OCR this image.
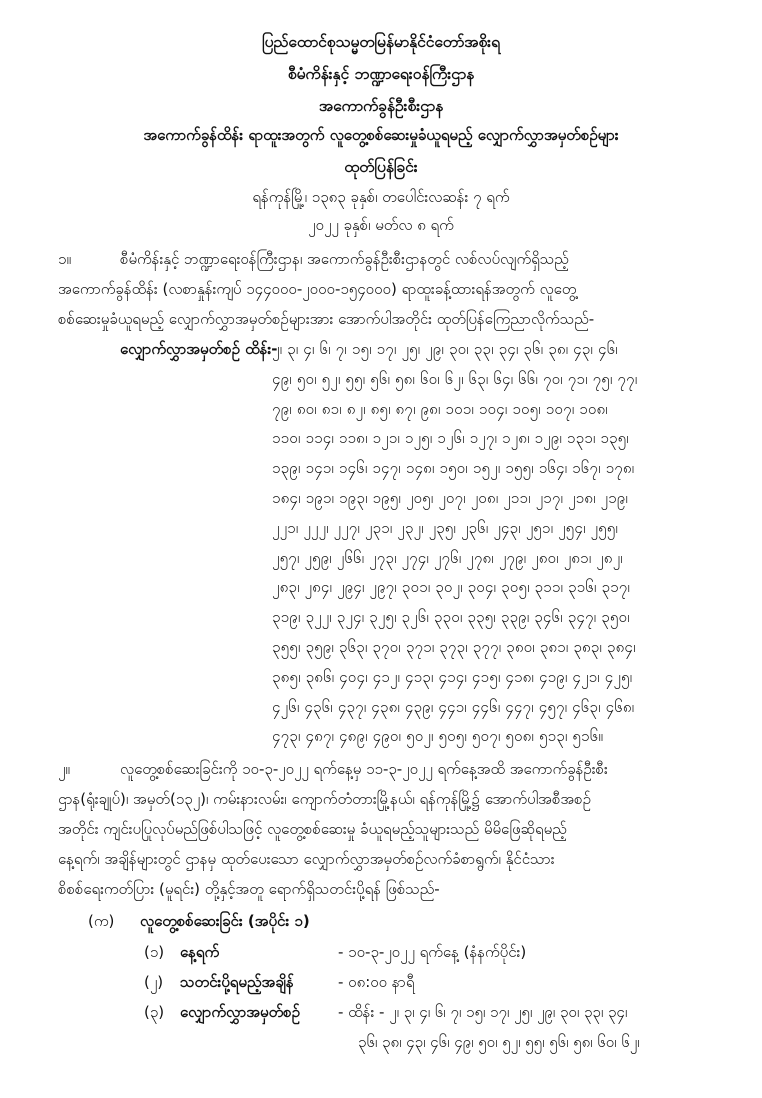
ပြည်ထောင်စုသမ္မတမြန်မာနိုင်ငံတော်အစိုးရ
စီမံကိန်းနှင့် ဘဏ္ဍာရေးဝန်ကြီးဌာန
အကောက်ခွန်ဦးစီးဌာန
အကောက်ခွန်ထိန်း ရာထူးအတွက် လူတွေ့စစ်ဆေးမှုခံယူရမည့် လျှောက်လွှာအမှတ်စဉ်များ
ထုတ်ပြန်ခြင်း
ရန်ကုန်မြို့၊ ၁၃၈၃ ခုနှစ်၊ တပေါင်းလဆန်း ၇ ရက်
၂၀၂၂ ခုနှစ်၊ မတ်လ ၈ ရက်
၁။	စီမံကိန်းနှင့် ဘဏ္ဍာရေးဝန်ကြီးဌာန၊ အကောက်ခွန်ဦးစီးဌာနတွင် လစ်လပ်လျက်ရှိသည့်
အကောက်ခွန်ထိန်း (လစာနှုန်းကျပ် ၁၄၄၀၀၀-၂၀၀၀-၁၅၄၀၀၀) ရာထူးခန့်ထားရန်အတွက် လူတွေ့
စစ်ဆေးမှုခံယူရမည့် လျှောက်လွှာအမှတ်စဉ်များအား အောက်ပါအတိုင်း ထုတ်ပြန်ကြေညာလိုက်သည်-
လျှောက်လွှာအမှတ်စဉ် ထိန်း-
၂၊ ၃၊ ၄၊ ၆၊ ၇၊ ၁၅၊ ၁၇၊ ၂၅၊ ၂၉၊ ၃၀၊ ၃၃၊ ၃၄၊ ၃၆၊ ၃၈၊ ၄၃၊ ၄၆၊
၄၉၊ ၅၀၊ ၅၂၊ ၅၅၊ ၅၆၊ ၅၈၊ ၆၀၊ ၆၂၊ ၆၃၊ ၆၄၊ ၆၆၊ ၇၀၊ ၇၁၊ ၇၅၊ ၇၇၊
၇၉၊ ၈၀၊ ၈၁၊ ၈၂၊ ၈၅၊ ၈၇၊ ၉၈၊ ၁၀၁၊ ၁၀၄၊ ၁၀၅၊ ၁၀၇၊ ၁၀၈၊
၁၁၀၊ ၁၁၄၊ ၁၁၈၊ ၁၂၁၊ ၁၂၅၊ ၁၂၆၊ ၁၂၇၊ ၁၂၈၊ ၁၂၉၊ ၁၃၁၊ ၁၃၅၊
၁၃၉၊ ၁၄၁၊ ၁၄၆၊ ၁၄၇၊ ၁၄၈၊ ၁၅၀၊ ၁၅၂၊ ၁၅၅၊ ၁၆၄၊ ၁၆၇၊ ၁၇၈၊
၁၈၄၊ ၁၉၁၊ ၁၉၃၊ ၁၉၅၊ ၂၀၅၊ ၂၀၇၊ ၂၀၈၊ ၂၁၁၊ ၂၁၇၊ ၂၁၈၊ ၂၁၉၊
၂၂၁၊ ၂၂၂၊ ၂၂၇၊ ၂၃၁၊ ၂၃၂၊ ၂၃၅၊ ၂၃၆၊ ၂၄၃၊ ၂၅၁၊ ၂၅၄၊ ၂၅၅၊
၂၅၇၊ ၂၅၉၊ ၂၆၆၊ ၂၇၃၊ ၂၇၄၊ ၂၇၆၊ ၂၇၈၊ ၂၇၉၊ ၂၈၀၊ ၂၈၁၊ ၂၈၂၊
၂၈၃၊ ၂၈၄၊ ၂၉၄၊ ၂၉၇၊ ၃၀၁၊ ၃၀၂၊ ၃၀၄၊ ၃၀၅၊ ၃၁၁၊ ၃၁၆၊ ၃၁၇၊
၃၁၉၊ ၃၂၂၊ ၃၂၄၊ ၃၂၅၊ ၃၂၆၊ ၃၃၀၊ ၃၃၅၊ ၃၃၉၊ ၃၄၆၊ ၃၄၇၊ ၃၅၀၊
၃၅၅၊ ၃၅၉၊ ၃၆၃၊ ၃၇၀၊ ၃၇၁၊ ၃၇၃၊ ၃၇၇၊ ၃၈၀၊ ၃၈၁၊ ၃၈၃၊ ၃၈၄၊
၃၈၅၊ ၃၈၆၊ ၄၀၄၊ ၄၁၂၊ ၄၁၃၊ ၄၁၄၊ ၄၁၅၊ ၄၁၈၊ ၄၁၉၊ ၄၂၁၊ ၄၂၅၊
၄၂၆၊ ၄၃၆၊ ၄၃၇၊ ၄၃၈၊ ၄၃၉၊ ၄၄၁၊ ၄၄၆၊ ၄၄၇၊ ၄၅၇၊ ၄၆၃၊ ၄၆၈၊
၄၇၃၊ ၄၈၇၊ ၄၈၉၊ ၄၉၀၊ ၅၀၂၊ ၅၀၅၊ ၅၀၇၊ ၅၀၈၊ ၅၁၃၊ ၅၁၆။
၂။	လူတွေ့စစ်ဆေးခြင်းကို ၁၀-၃-၂၀၂၂ ရက်နေ့မှ ၁၁-၃-၂၀၂၂ ရက်နေ့အထိ အကောက်ခွန်ဦးစီး
ဌာန(ရုံးချုပ်)၊ အမှတ်(၁၃၂)၊ ကမ်းနားလမ်း၊ ကျောက်တံတားမြို့နယ်၊ ရန်ကုန်မြို့၌ အောက်ပါအစီအစဉ်
အတိုင်း ကျင်းပပြုလုပ်မည်ဖြစ်ပါသဖြင့် လူတွေ့စစ်ဆေးမှု ခံယူရမည့်သူများသည် မိမိဖြေဆိုရမည့်
နေ့ရက်၊ အချိန်များတွင် ဌာနမှ ထုတ်ပေးသော လျှောက်လွှာအမှတ်စဉ်လက်ခံစာရွက်၊ နိုင်ငံသား
စိစစ်ရေးကတ်ပြား (မူရင်း) တို့နှင့်အတူ ရောက်ရှိသတင်းပို့ရန် ဖြစ်သည်-
(က) လူတွေ့စစ်ဆေးခြင်း (အပိုင်း ၁)
(၁) နေ့ရက်	- ၁၀-၃-၂၀၂၂ ရက်နေ့ (နံနက်ပိုင်း)
(၂) သတင်းပို့ရမည့်အချိန်	- ၀၈:၀၀ နာရီ
(၃) လျှောက်လွှာအမှတ်စဉ်	- ထိန်း - ၂၊ ၃၊ ၄၊ ၆၊ ၇၊ ၁၅၊ ၁၇၊ ၂၅၊ ၂၉၊ ၃၀၊ ၃၃၊ ၃၄၊
၃၆၊ ၃၈၊ ၄၃၊ ၄၆၊ ၄၉၊ ၅၀၊ ၅၂၊ ၅၅၊ ၅၆၊ ၅၈၊ ၆၀၊ ၆၂၊
